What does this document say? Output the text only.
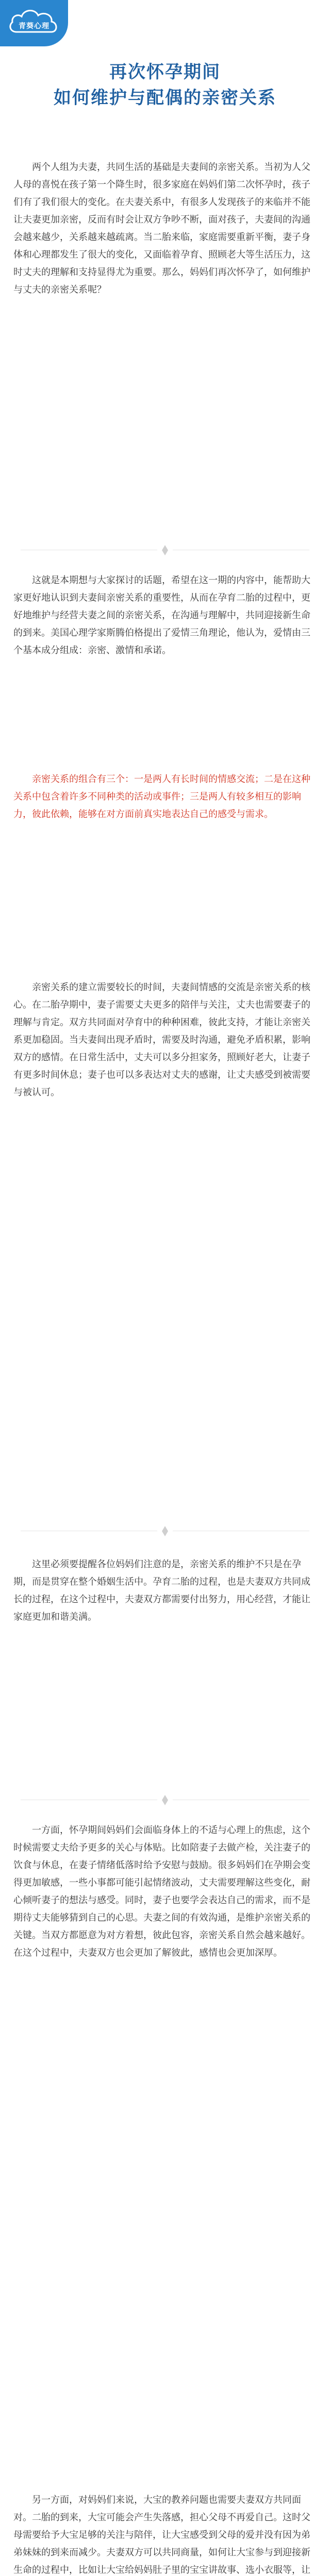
青葵心理
再次怀孕期间
如何维护与配偶的亲密关系

两个人组为夫妻，共同生活的基础是夫妻间的亲密关系。当初为人父人母的喜悦在孩子第一个降生时，很多家庭在妈妈们第二次怀孕时，孩子们有了我们很大的变化。在夫妻关系中，有很多人发现孩子的来临并不能让夫妻更加亲密，反而有时会让双方争吵不断，面对孩子，夫妻间的沟通会越来越少，关系越来越疏离。当二胎来临，家庭需要重新平衡，妻子身体和心理都发生了很大的变化，又面临着孕育、照顾老大等生活压力，这时丈夫的理解和支持显得尤为重要。那么，妈妈们再次怀孕了，如何维护与丈夫的亲密关系呢？

这就是本期想与大家探讨的话题，希望在这一期的内容中，能帮助大家更好地认识到夫妻间亲密关系的重要性，从而在孕育二胎的过程中，更好地维护与经营夫妻之间的亲密关系，在沟通与理解中，共同迎接新生命的到来。美国心理学家斯腾伯格提出了爱情三角理论，他认为，爱情由三个基本成分组成：亲密、激情和承诺。

亲密关系的组合有三个：一是两人有长时间的情感交流；二是在这种关系中包含着许多不同种类的活动或事件；三是两人有较多相互的影响力，彼此依赖，能够在对方面前真实地表达自己的感受与需求。

亲密关系的建立需要较长的时间，夫妻间情感的交流是亲密关系的核心。在二胎孕期中，妻子需要丈夫更多的陪伴与关注，丈夫也需要妻子的理解与肯定。双方共同面对孕育中的种种困难，彼此支持，才能让亲密关系更加稳固。当夫妻间出现矛盾时，需要及时沟通，避免矛盾积累，影响双方的感情。在日常生活中，丈夫可以多分担家务，照顾好老大，让妻子有更多时间休息；妻子也可以多表达对丈夫的感谢，让丈夫感受到被需要与被认可。

这里必须要提醒各位妈妈们注意的是，亲密关系的维护不只是在孕期，而是贯穿在整个婚姻生活中。孕育二胎的过程，也是夫妻双方共同成长的过程，在这个过程中，夫妻双方都需要付出努力，用心经营，才能让家庭更加和谐美满。

一方面，怀孕期间妈妈们会面临身体上的不适与心理上的焦虑，这个时候需要丈夫给予更多的关心与体贴。比如陪妻子去做产检，关注妻子的饮食与休息，在妻子情绪低落时给予安慰与鼓励。很多妈妈们在孕期会变得更加敏感，一些小事都可能引起情绪波动，丈夫需要理解这些变化，耐心倾听妻子的想法与感受。同时，妻子也要学会表达自己的需求，而不是期待丈夫能够猜到自己的心思。夫妻之间的有效沟通，是维护亲密关系的关键。当双方都愿意为对方着想，彼此包容，亲密关系自然会越来越好。在这个过程中，夫妻双方也会更加了解彼此，感情也会更加深厚。

另一方面，对妈妈们来说，大宝的教养问题也需要夫妻双方共同面对。二胎的到来，大宝可能会产生失落感，担心父母不再爱自己。这时父母需要给予大宝足够的关注与陪伴，让大宝感受到父母的爱并没有因为弟弟妹妹的到来而减少。夫妻双方可以共同商量，如何让大宝参与到迎接新生命的过程中，比如让大宝给妈妈肚子里的宝宝讲故事、选小衣服等，让
